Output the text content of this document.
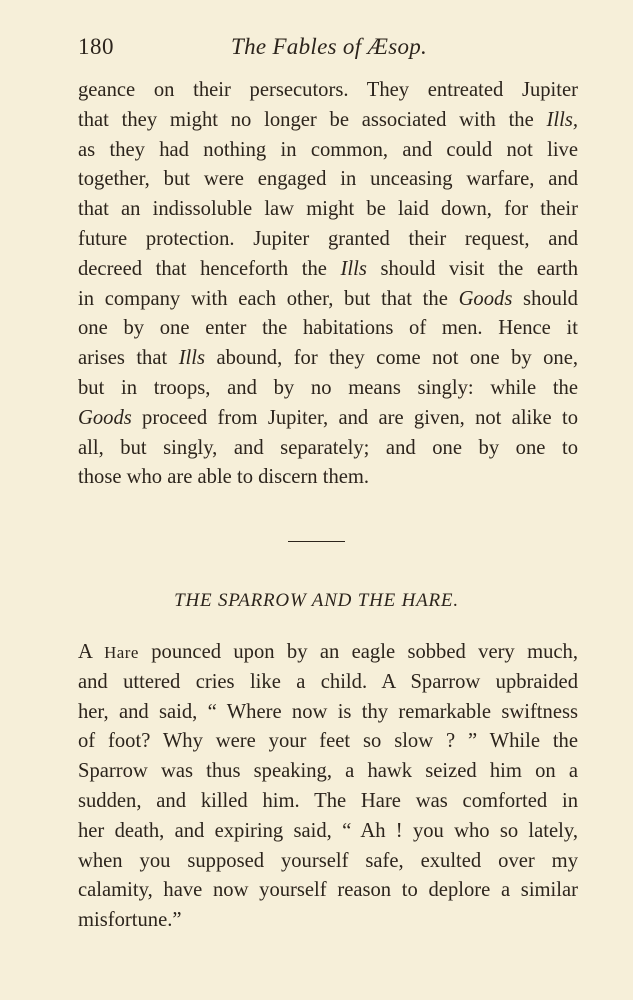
180	The Fables of Æsop.
geance on their persecutors. They entreated Jupiter
that they might no longer be associated with the Ills,
as they had nothing in common, and could not live
together, but were engaged in unceasing warfare, and
that an indissoluble law might be laid down, for their
future protection. Jupiter granted their request, and
decreed that henceforth the Ills should visit the earth
in company with each other, but that the Goods should
one by one enter the habitations of men. Hence it
arises that Ills abound, for they come not one by one,
but in troops, and by no means singly: while the
Goods proceed from Jupiter, and are given, not alike to
all, but singly, and separately; and one by one to
those who are able to discern them.
THE SPARROW AND THE HARE.
A Hare pounced upon by an eagle sobbed very much,
and uttered cries like a child. A Sparrow upbraided
her, and said, “ Where now is thy remarkable swiftness
of foot? Why were your feet so slow ? ” While the
Sparrow was thus speaking, a hawk seized him on a
sudden, and killed him. The Hare was comforted in
her death, and expiring said, “ Ah ! you who so lately,
when you supposed yourself safe, exulted over my
calamity, have now yourself reason to deplore a similar
misfortune.”
